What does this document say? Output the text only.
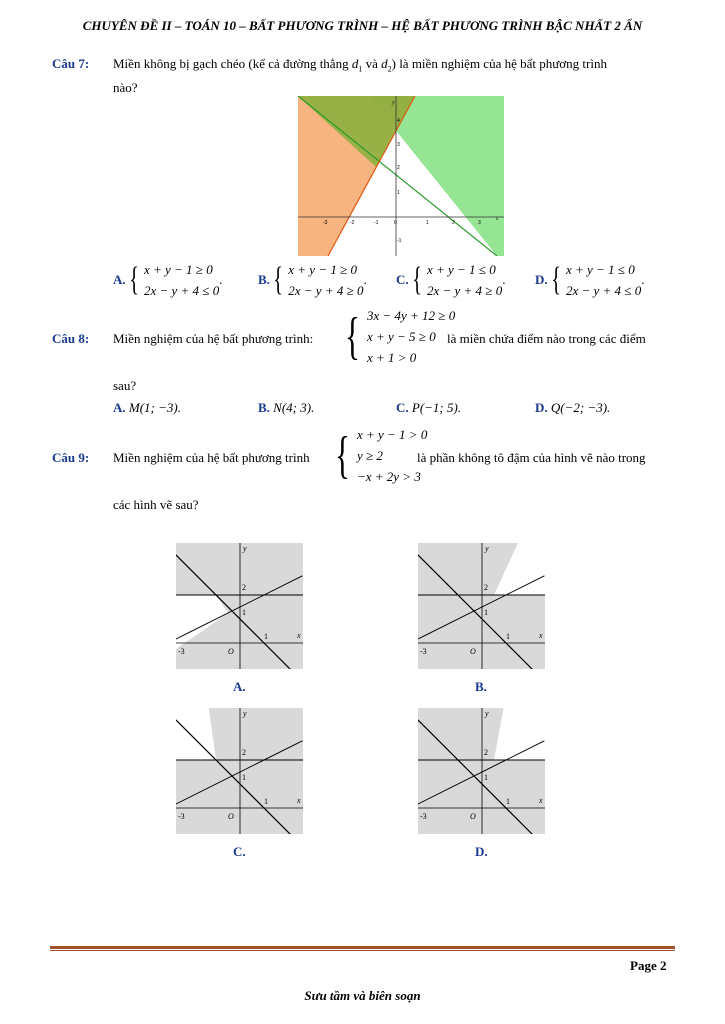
CHUYÊN ĐỀ II – TOÁN 10 – BẤT PHƯƠNG TRÌNH – HỆ BẤT PHƯƠNG TRÌNH BẬC NHẤT 2 ẨN
Câu 7: Miền không bị gạch chéo (kể cả đường thẳng $d_1$ và $d_2$) là miền nghiệm của hệ bất phương trình
nào?
-3	-2	-1	0	1	2	3
x
4
3
2
1
-1
y
A. { x + y − 1 ≥ 0
2x − y + 4 ≤ 0
.	B. { x + y − 1 ≥ 0
2x − y + 4 ≥ 0
. C. { x + y − 1 ≤ 0
2x − y + 4 ≥ 0
. D. { x + y − 1 ≤ 0
2x − y + 4 ≤ 0
.
Câu 8: Miền nghiệm của hệ bất phương trình: { 3x − 4y + 12 ≥ 0
x + y − 5 ≥ 0
x + 1 > 0
là miền chứa điểm nào trong các điểm
sau?
A. M(1; −3).	B. N(4; 3).	C. P(−1; 5).	D. Q(−2; −3).
Câu 9: Miền nghiệm của hệ bất phương trình { x + y − 1 > 0
y ≥ 2
−x + 2y > 3
là phần không tô đậm của hình vẽ nào trong
các hình vẽ sau?
y
x
2
1
1
-3	O
A.
y
x
2
1
1
-3	O
B.
y
x
2
1
1
-3	O
C.
y
x
2
1
1
-3	O
D.
Page 2
Sưu tầm và biên soạn
